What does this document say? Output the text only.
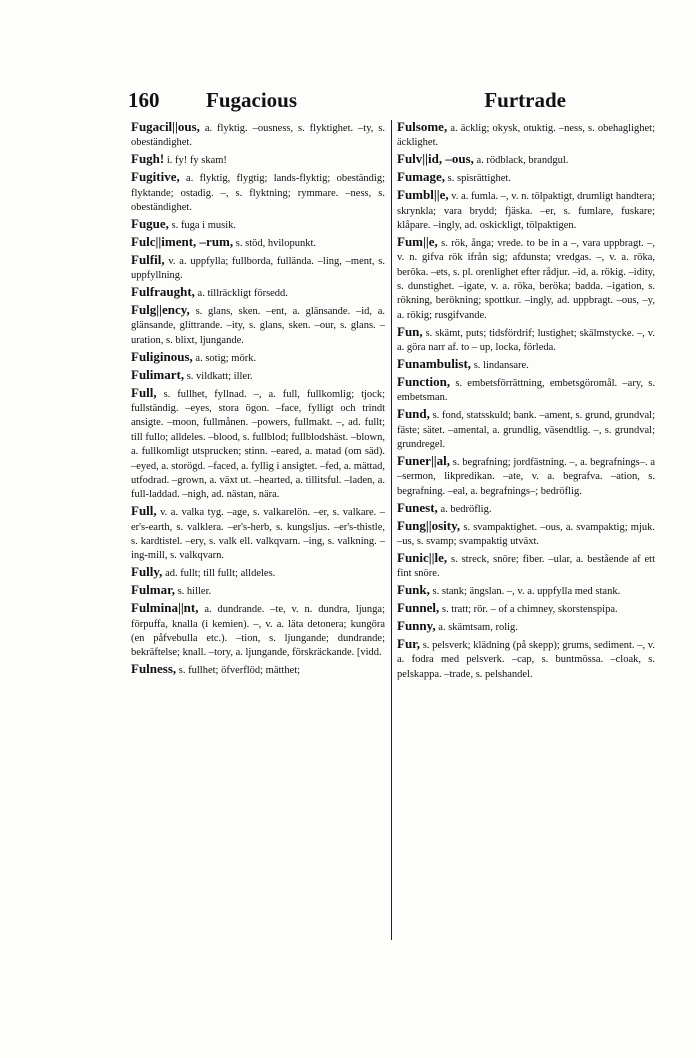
160 Fugacious	Furtrade
Fugacil||ous, a. flyktig. –ousness, s. flyktighet. –ty, s. obeständighet.
Fugh! i. fy! fy skam!
Fugitive, a. flyktig, flygtig; lands-flyktig; obeständig; flyktande; ostadig. –, s. flyktning; rymmare. –ness, s. obeständighet.
Fugue, s. fuga i musik.
Fulc||iment, –rum, s. stöd, hvilopunkt.
Fulfil, v. a. uppfylla; fullborda, fullända. –ling, –ment, s. uppfyllning.
Fulfraught, a. tillräckligt försedd.
Fulg||ency, s. glans, sken. –ent, a. glänsande. –id, a. glänsande, glittrande. –ity, s. glans, sken. –our, s. glans. –uration, s. blixt, ljungande.
Fuliginous, a. sotig; mörk.
Fulimart, s. vildkatt; iller.
Full, s. fullhet, fyllnad. –, a. full, fullkomlig; tjock; fullständig. –eyes, stora ögon. –face, fylligt och trindt ansigte. –moon, fullmånen. –powers, fullmakt. –, ad. fullt; till fullo; alldeles. –blood, s. fullblod; fullblodshäst. –blown, a. fullkomligt utsprucken; stinn. –eared, a. matad (om säd). –eyed, a. storögd. –faced, a. fyllig i ansigtet. –fed, a. mättad, utfodrad. –grown, a. växt ut. –hearted, a. tillitsful. –laden, a. full-laddad. –nigh, ad. nästan, nära.
Full, v. a. valka tyg. –age, s. valkarelön. –er, s. valkare. –er's-earth, s. valklera. –er's-herb, s. kungsljus. –er's-thistle, s. kardtistel. –ery, s. valk ell. valkqvarn. –ing, s. valkning. –ing-mill, s. valkqvarn.
Fully, ad. fullt; till fullt; alldeles.
Fulmar, s. hiller.
Fulmina||nt, a. dundrande. –te, v. n. dundra, ljunga; förpuffa, knalla (i kemien). –, v. a. läta detonera; kungöra (en påfvebulla etc.). –tion, s. ljungande; dundrande; bekräftelse; knall. –tory, a. ljungande, förskräckande. [vidd.
Fulness, s. fullhet; öfverflöd; mätthet;
Fulsome, a. äcklig; okysk, otuktig. –ness, s. obehaglighet; äcklighet.
Fulv||id, –ous, a. rödblack, brandgul.
Fumage, s. spisrättighet.
Fumbl||e, v. a. fumla. –, v. n. tölpaktigt, drumligt handtera; skrynkla; vara brydd; fjäska. –er, s. fumlare, fuskare; klåpare. –ingly, ad. oskickligt, tölpaktigen.
Fum||e, s. rök, ånga; vrede. to be in a –, vara uppbragt. –, v. n. gifva rök ifrån sig; afdunsta; vredgas. –, v. a. röka, beröka. –ets, s. pl. orenlighet efter rådjur. –id, a. rökig. –idity, s. dunstighet. –igate, v. a. röka, beröka; badda. –igation, s. rökning, berökning; spottkur. –ingly, ad. uppbragt. –ous, –y, a. rökig; rusgifvande.
Fun, s. skämt, puts; tidsfördrif; lustighet; skälmstycke. –, v. a. göra narr af. to – up, locka, förleda.
Funambulist, s. lindansare.
Function, s. embetsförrättning, embetsgöromål. –ary, s. embetsman.
Fund, s. fond, statsskuld; bank. –ament, s. grund, grundval; fäste; sätet. –amental, a. grundlig, väsendtlig. –, s. grundval; grundregel.
Funer||al, s. begrafning; jordfästning. –, a. begrafnings–. a –sermon, likpredikan. –ate, v. a. begrafva. –ation, s. begrafning. –eal, a. begrafnings–; bedröflig.
Funest, a. bedröflig.
Fung||osity, s. svampaktighet. –ous, a. svampaktig; mjuk. –us, s. svamp; svampaktig utväxt.
Funic||le, s. streck, snöre; fiber. –ular, a. bestående af ett fint snöre.
Funk, s. stank; ängslan. –, v. a. uppfylla med stank.
Funnel, s. tratt; rör. – of a chimney, skorstenspipa.
Funny, a. skämtsam, rolig.
Fur, s. pelsverk; klädning (på skepp); grums, sediment. –, v. a. fodra med pelsverk. –cap, s. buntmössa. –cloak, s. pelskappa. –trade, s. pelshandel.
